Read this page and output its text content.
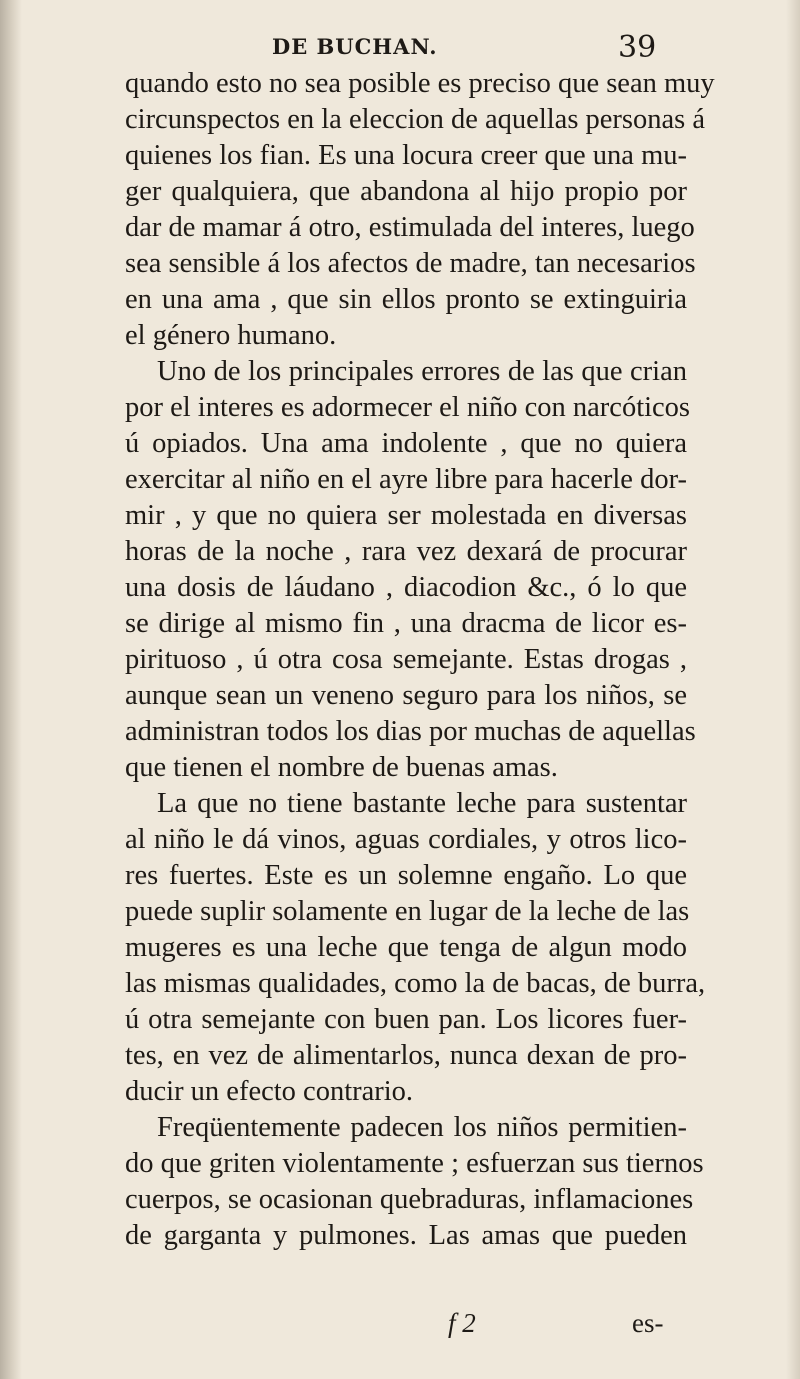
DE BUCHAN.	39
quando esto no sea posible es preciso que sean muy
circunspectos en la eleccion de aquellas personas á
quienes los fian. Es una locura creer que una mu-
ger qualquiera, que abandona al hijo propio por
dar de mamar á otro, estimulada del interes, luego
sea sensible á los afectos de madre, tan necesarios
en una ama , que sin ellos pronto se extinguiria
el género humano.
Uno de los principales errores de las que crian
por el interes es adormecer el niño con narcóticos
ú opiados. Una ama indolente , que no quiera
exercitar al niño en el ayre libre para hacerle dor-
mir , y que no quiera ser molestada en diversas
horas de la noche , rara vez dexará de procurar
una dosis de láudano , diacodion &c., ó lo que
se dirige al mismo fin , una dracma de licor es-
pirituoso , ú otra cosa semejante. Estas drogas ,
aunque sean un veneno seguro para los niños, se
administran todos los dias por muchas de aquellas
que tienen el nombre de buenas amas.
La que no tiene bastante leche para sustentar
al niño le dá vinos, aguas cordiales, y otros lico-
res fuertes. Este es un solemne engaño. Lo que
puede suplir solamente en lugar de la leche de las
mugeres es una leche que tenga de algun modo
las mismas qualidades, como la de bacas, de burra,
ú otra semejante con buen pan. Los licores fuer-
tes, en vez de alimentarlos, nunca dexan de pro-
ducir un efecto contrario.
Freqüentemente padecen los niños permitien-
do que griten violentamente ; esfuerzan sus tiernos
cuerpos, se ocasionan quebraduras, inflamaciones
de garganta y pulmones. Las amas que pueden
f 2	es-
